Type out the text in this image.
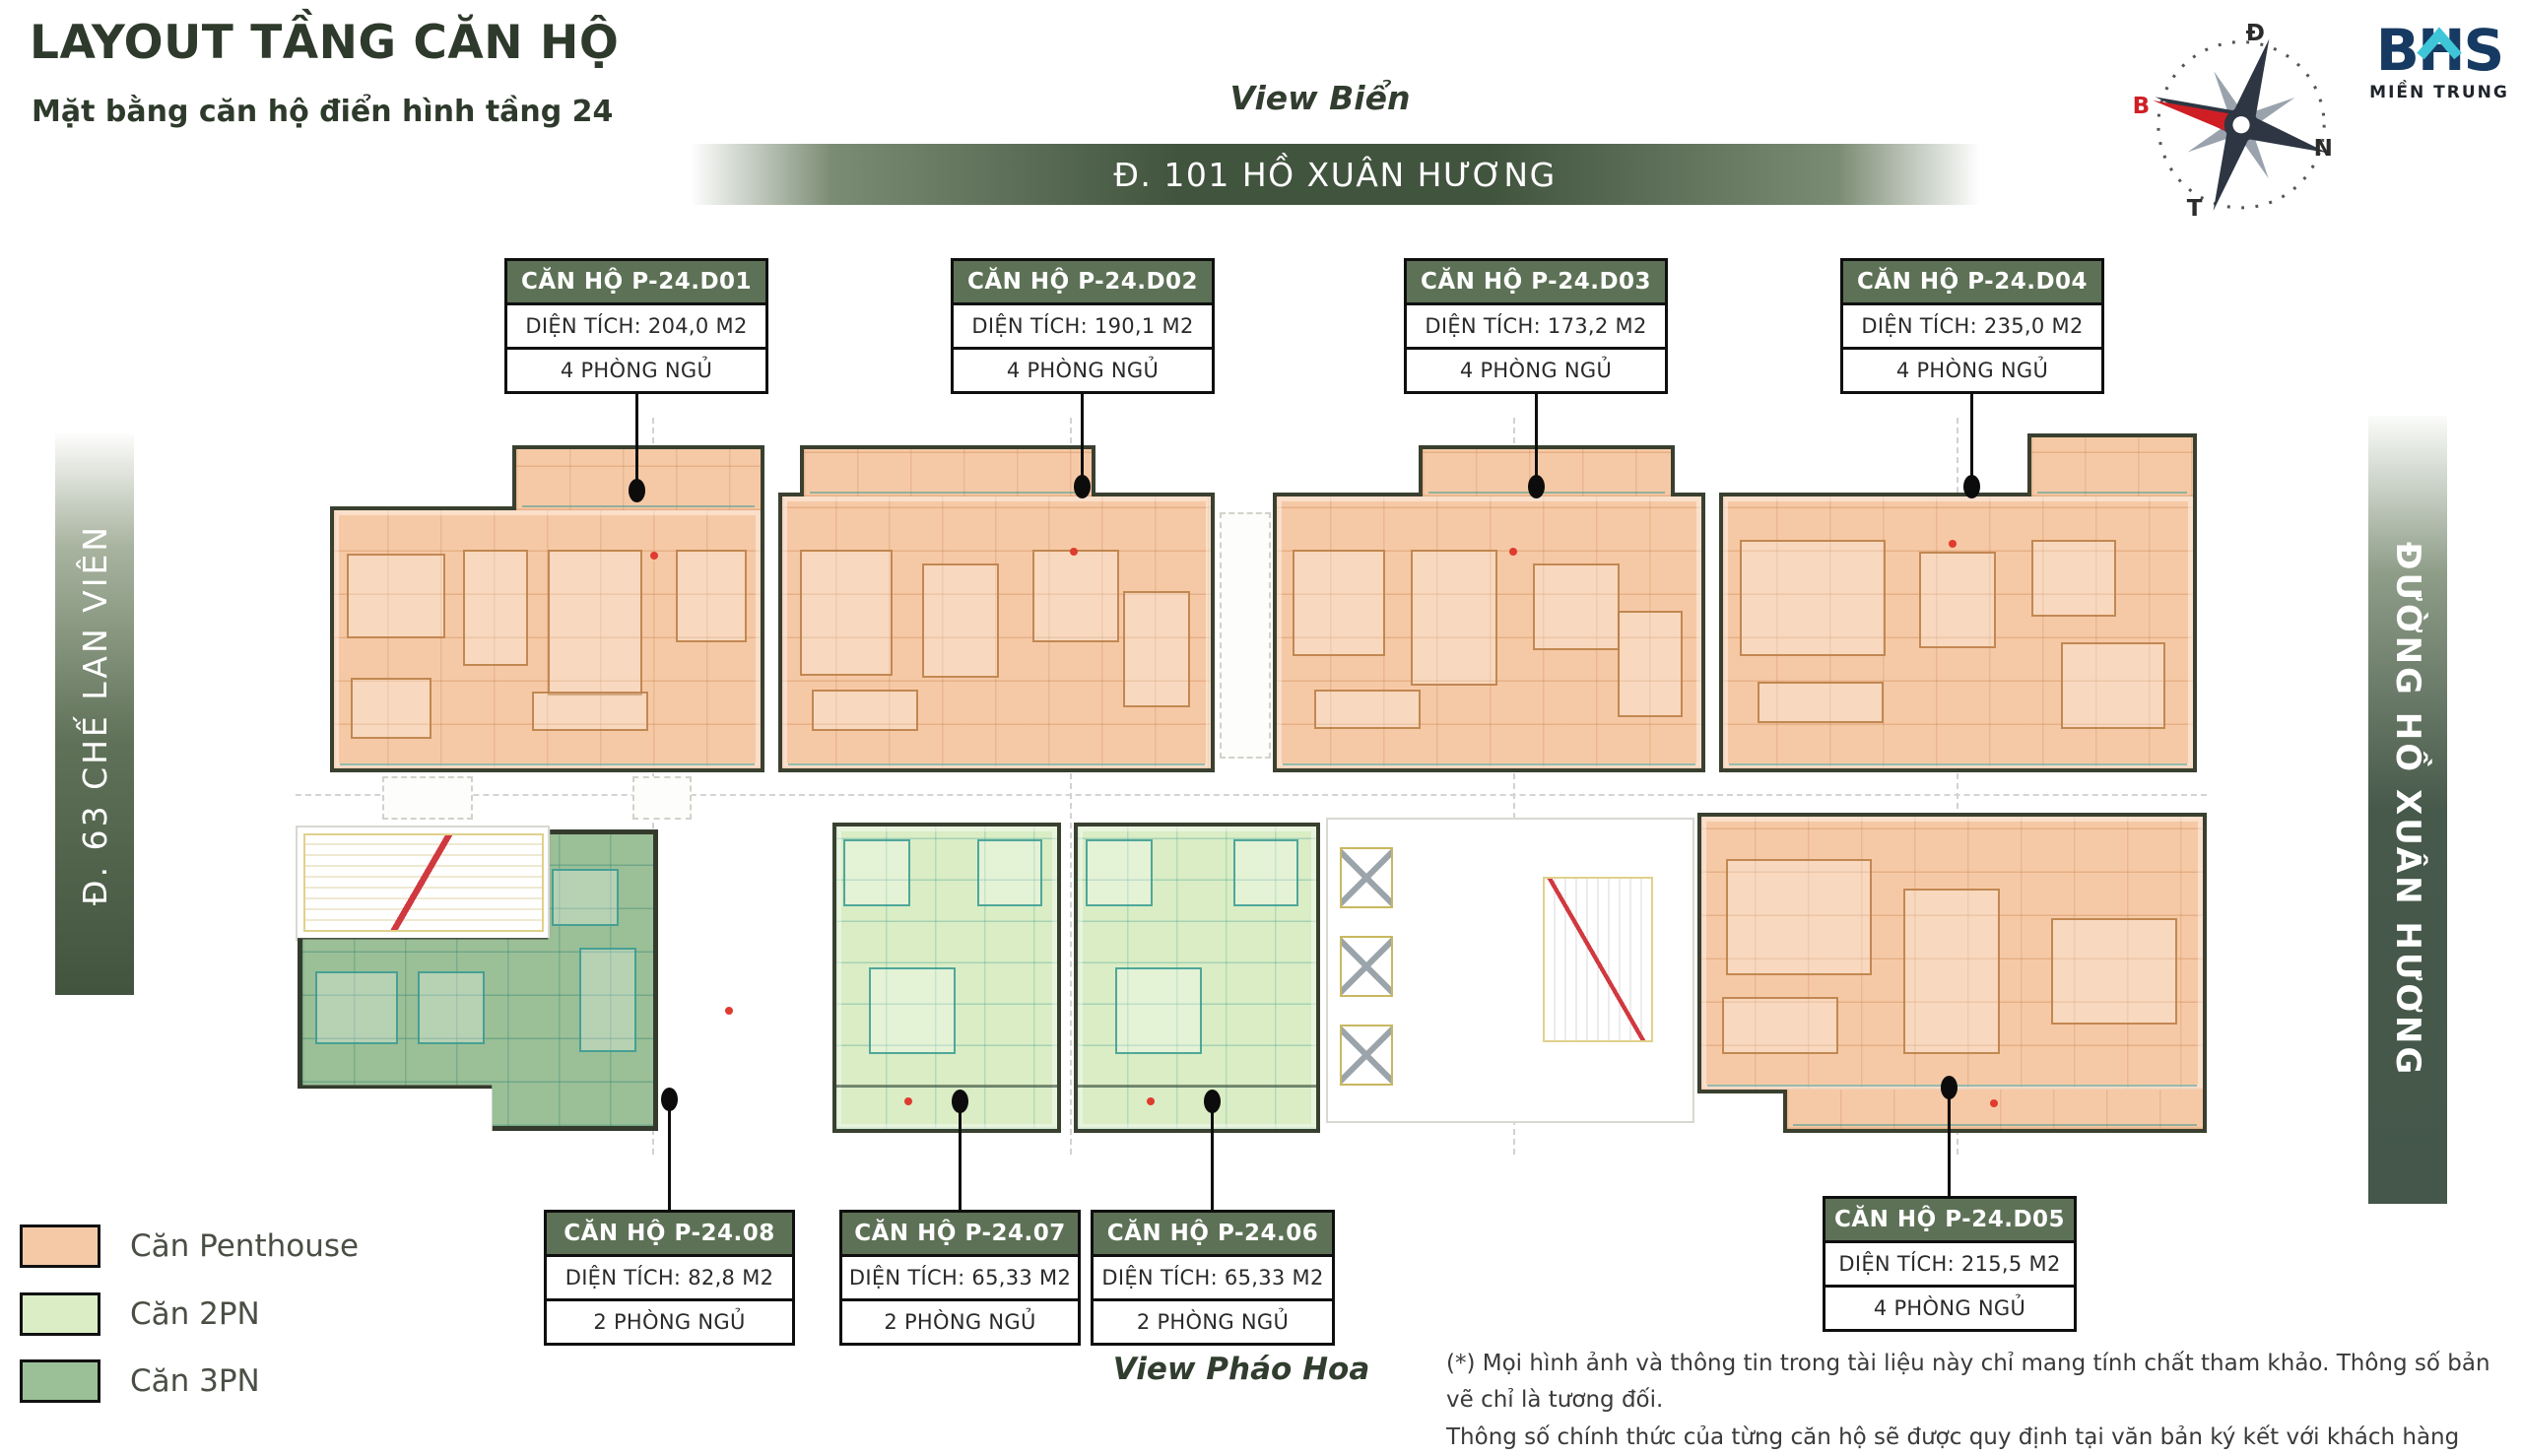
LAYOUT TẦNG CĂN HỘ
Mặt bằng căn hộ điển hình tầng 24	View Biển
Đ. 101 HỒ XUÂN HƯƠNG
Đ. 63 CHẾ LAN VIÊN	ĐƯỜNG HỒ XUÂN HƯƠNG
Đ
B
N
T
BHS
MIỀN TRUNG
CĂN HỘ P-24.D01
DIỆN TÍCH: 204,0 M2
4 PHÒNG NGỦ
CĂN HỘ P-24.D02
DIỆN TÍCH: 190,1 M2
4 PHÒNG NGỦ
CĂN HỘ P-24.D03
DIỆN TÍCH: 173,2 M2
4 PHÒNG NGỦ
CĂN HỘ P-24.D04
DIỆN TÍCH: 235,0 M2
4 PHÒNG NGỦ
CĂN HỘ P-24.08
DIỆN TÍCH: 82,8 M2
2 PHÒNG NGỦ
CĂN HỘ P-24.07
DIỆN TÍCH: 65,33 M2
2 PHÒNG NGỦ
CĂN HỘ P-24.06
DIỆN TÍCH: 65,33 M2
2 PHÒNG NGỦ
CĂN HỘ P-24.D05
DIỆN TÍCH: 215,5 M2
4 PHÒNG NGỦ
Căn Penthouse
Căn 2PN
Căn 3PN	View Pháo Hoa	(*) Mọi hình ảnh và thông tin trong tài liệu này chỉ mang tính chất tham khảo. Thông số bản vẽ chỉ là tương đối.
Thông số chính thức của từng căn hộ sẽ được quy định tại văn bản ký kết với khách hàng
